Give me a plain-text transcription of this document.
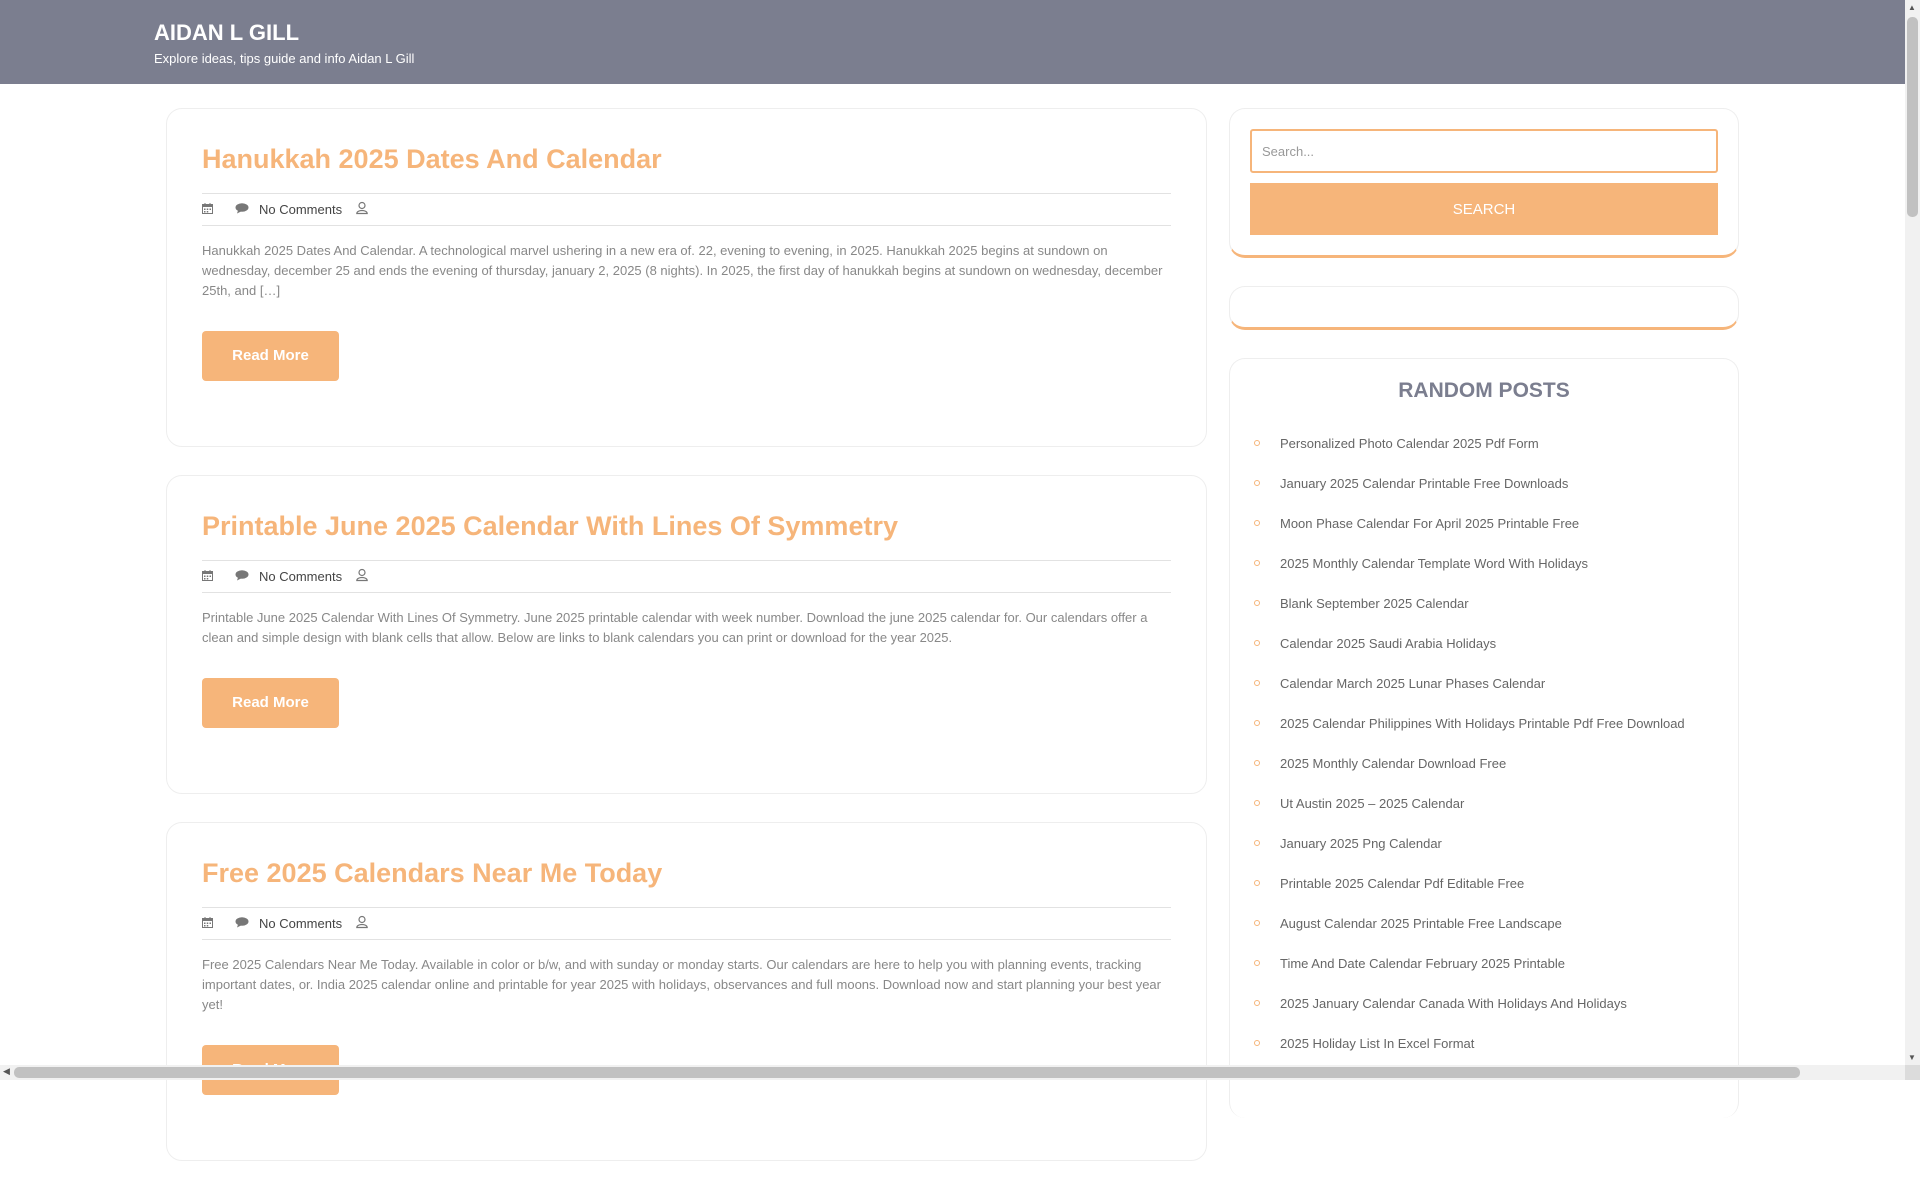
AIDAN L GILL
Explore ideas, tips guide and info Aidan L Gill
Hanukkah 2025 Dates And Calendar
No Comments

Hanukkah 2025 Dates And Calendar. A technological marvel ushering in a new era of. 22, evening to evening, in 2025. Hanukkah 2025 begins at sundown on wednesday, december 25 and ends the evening of thursday, january 2, 2025 (8 nights). In 2025, the first day of hanukkah begins at sundown on wednesday, december 25th, and […]

Read More
Printable June 2025 Calendar With Lines Of Symmetry
No Comments

Printable June 2025 Calendar With Lines Of Symmetry. June 2025 printable calendar with week number. Download the june 2025 calendar for. Our calendars offer a clean and simple design with blank cells that allow. Below are links to blank calendars you can print or download for the year 2025.

Read More
Free 2025 Calendars Near Me Today
No Comments

Free 2025 Calendars Near Me Today. Available in color or b/w, and with sunday or monday starts. Our calendars are here to help you with planning events, tracking important dates, or. India 2025 calendar online and printable for year 2025 with holidays, observances and full moons. Download now and start planning your best year yet!

Search... SEARCH
RANDOM POSTS
Personalized Photo Calendar 2025 Pdf Form
January 2025 Calendar Printable Free Downloads
Moon Phase Calendar For April 2025 Printable Free
2025 Monthly Calendar Template Word With Holidays
Blank September 2025 Calendar
Calendar 2025 Saudi Arabia Holidays
Calendar March 2025 Lunar Phases Calendar
2025 Calendar Philippines With Holidays Printable Pdf Free Download
2025 Monthly Calendar Download Free
Ut Austin 2025 – 2025 Calendar
January 2025 Png Calendar
Printable 2025 Calendar Pdf Editable Free
August Calendar 2025 Printable Free Landscape
Time And Date Calendar February 2025 Printable
2025 January Calendar Canada With Holidays And Holidays
2025 Holiday List In Excel Format
▲
▼
◀
